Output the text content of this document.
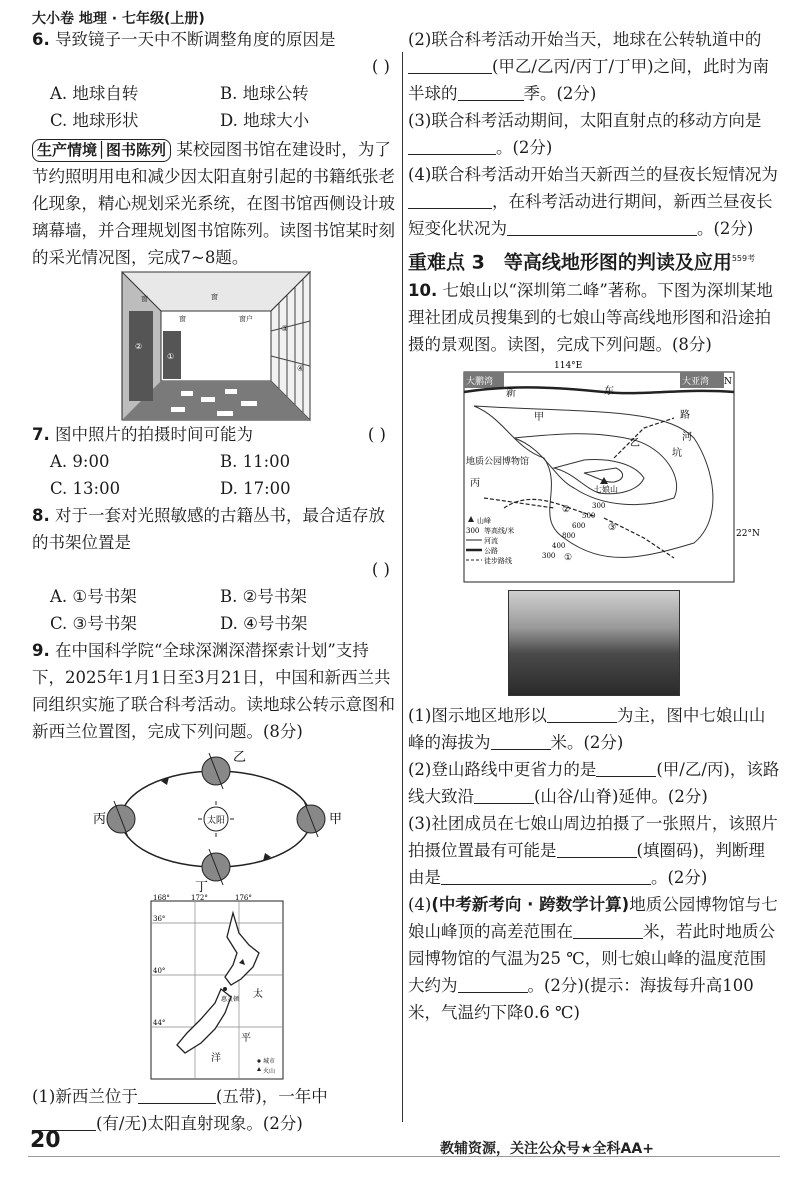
大小卷 地理 · 七年级(上册)

6. 导致镜子一天中不断调整角度的原因是

( )
A. 地球自转	B. 地球公转
C. 地球形状	D. 地球大小

生产情境│图书陈列 某校园图书馆在建设时，为了节约照明用电和减少因太阳直射引起的书籍纸张老化现象，精心规划采光系统，在图书馆西侧设计玻璃幕墙，并合理规划图书馆陈列。读图书馆某时刻的采光情况图，完成7~8题。

窗
窗
窗
窗户
①
②
③
④

7. 图中照片的拍摄时间可能为	( )

A. 9:00	B. 11:00
C. 13:00	D. 17:00

8. 对于一套对光照敏感的古籍丛书，最合适存放的书架位置是

( )
A. ①号书架	B. ②号书架
C. ③号书架	D. ④号书架

9. 在中国科学院“全球深渊深潜探索计划”支持下，2025年1月1日至3月21日，中国和新西兰共同组织实施了联合科考活动。读地球公转示意图和新西兰位置图，完成下列问题。(8分)

太阳
乙
丙	甲
丁
168°	172°	176°
36°
40°
44°
太
平
洋
惠灵顿
城市
火山

(1)新西兰位于	(五带)，一年中
(有/无)太阳直射现象。(2分)

(2)联合科考活动开始当天，地球在公转轨道中的(甲乙/乙丙/丙丁/丁甲)之间，此时为南半球的	季。(2分)

(3)联合科考活动期间，太阳直射点的移动方向是。(2分)

(4)联合科考活动开始当天新西兰的昼夜长短情况为，在科考活动进行期间，新西兰昼夜长短变化状况为	。(2分)

重难点 3　等高线地形图的判读及应用$^{559考}$

10. 七娘山以“深圳第二峰”著称。下图为深圳某地理社团成员搜集到的七娘山等高线地形图和沿途拍摄的景观图。读图，完成下列问题。(8分)

114°E
大鹏湾	大亚湾 N
新	东
路
河
坑
甲
乙
丙
地质公园博物馆
七娘山
300
500
600
800
400
300 ①
②
③
22°N
山峰
300 等高线/米
河流
公路
徒步路线

(1)图示地区地形以	为主，图中七娘山山峰的海拔为	米。(2分)

(2)登山路线中更省力的是	(甲/乙/丙)，该路线大致沿	(山谷/山脊)延伸。(2分)

(3)社团成员在七娘山周边拍摄了一张照片，该照片拍摄位置最有可能是	(填圈码)，判断理由是	。(2分)

(4)(中考新考向 · 跨数学计算)地质公园博物馆与七娘山峰顶的高差范围在	米，若此时地质公园博物馆的气温为25 ℃，则七娘山峰的温度范围大约为	。(2分)(提示：海拔每升高100米，气温约下降0.6 ℃)

20	教辅资源，关注公众号★全科AA+
